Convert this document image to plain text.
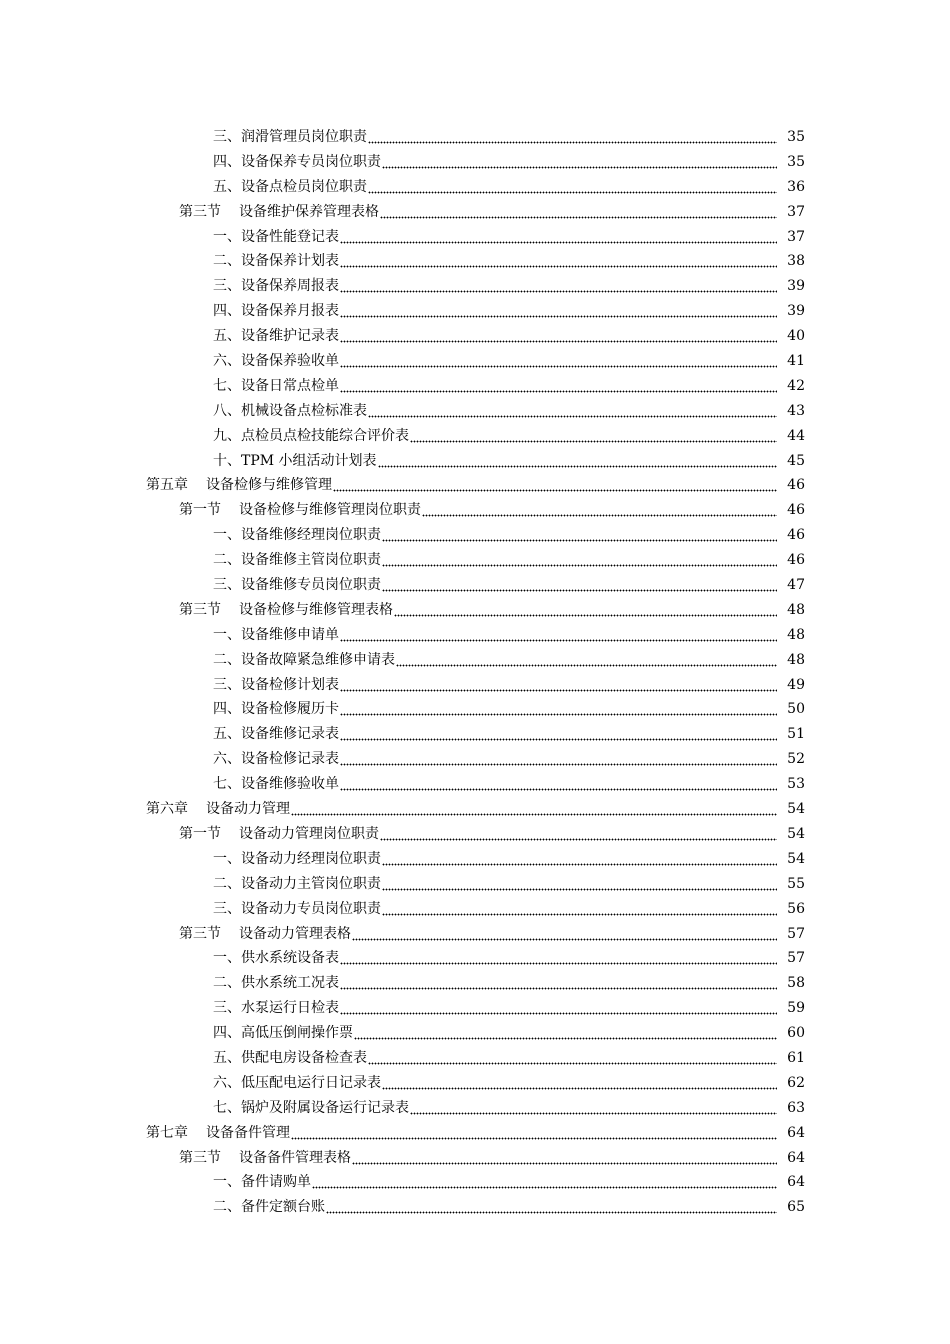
三、润滑管理员岗位职责	35
四、设备保养专员岗位职责	35
五、设备点检员岗位职责	36
第三节 设备维护保养管理表格	37
一、设备性能登记表	37
二、设备保养计划表	38
三、设备保养周报表	39
四、设备保养月报表	39
五、设备维护记录表	40
六、设备保养验收单	41
七、设备日常点检单	42
八、机械设备点检标准表	43
九、点检员点检技能综合评价表	44
十、TPM 小组活动计划表	45
第五章 设备检修与维修管理	46
第一节 设备检修与维修管理岗位职责	46
一、设备维修经理岗位职责	46
二、设备维修主管岗位职责	46
三、设备维修专员岗位职责	47
第三节 设备检修与维修管理表格	48
一、设备维修申请单	48
二、设备故障紧急维修申请表	48
三、设备检修计划表	49
四、设备检修履历卡	50
五、设备维修记录表	51
六、设备检修记录表	52
七、设备维修验收单	53
第六章 设备动力管理	54
第一节 设备动力管理岗位职责	54
一、设备动力经理岗位职责	54
二、设备动力主管岗位职责	55
三、设备动力专员岗位职责	56
第三节 设备动力管理表格	57
一、供水系统设备表	57
二、供水系统工况表	58
三、水泵运行日检表	59
四、高低压倒闸操作票	60
五、供配电房设备检查表	61
六、低压配电运行日记录表	62
七、锅炉及附属设备运行记录表	63
第七章 设备备件管理	64
第三节 设备备件管理表格	64
一、备件请购单	64
二、备件定额台账	65
